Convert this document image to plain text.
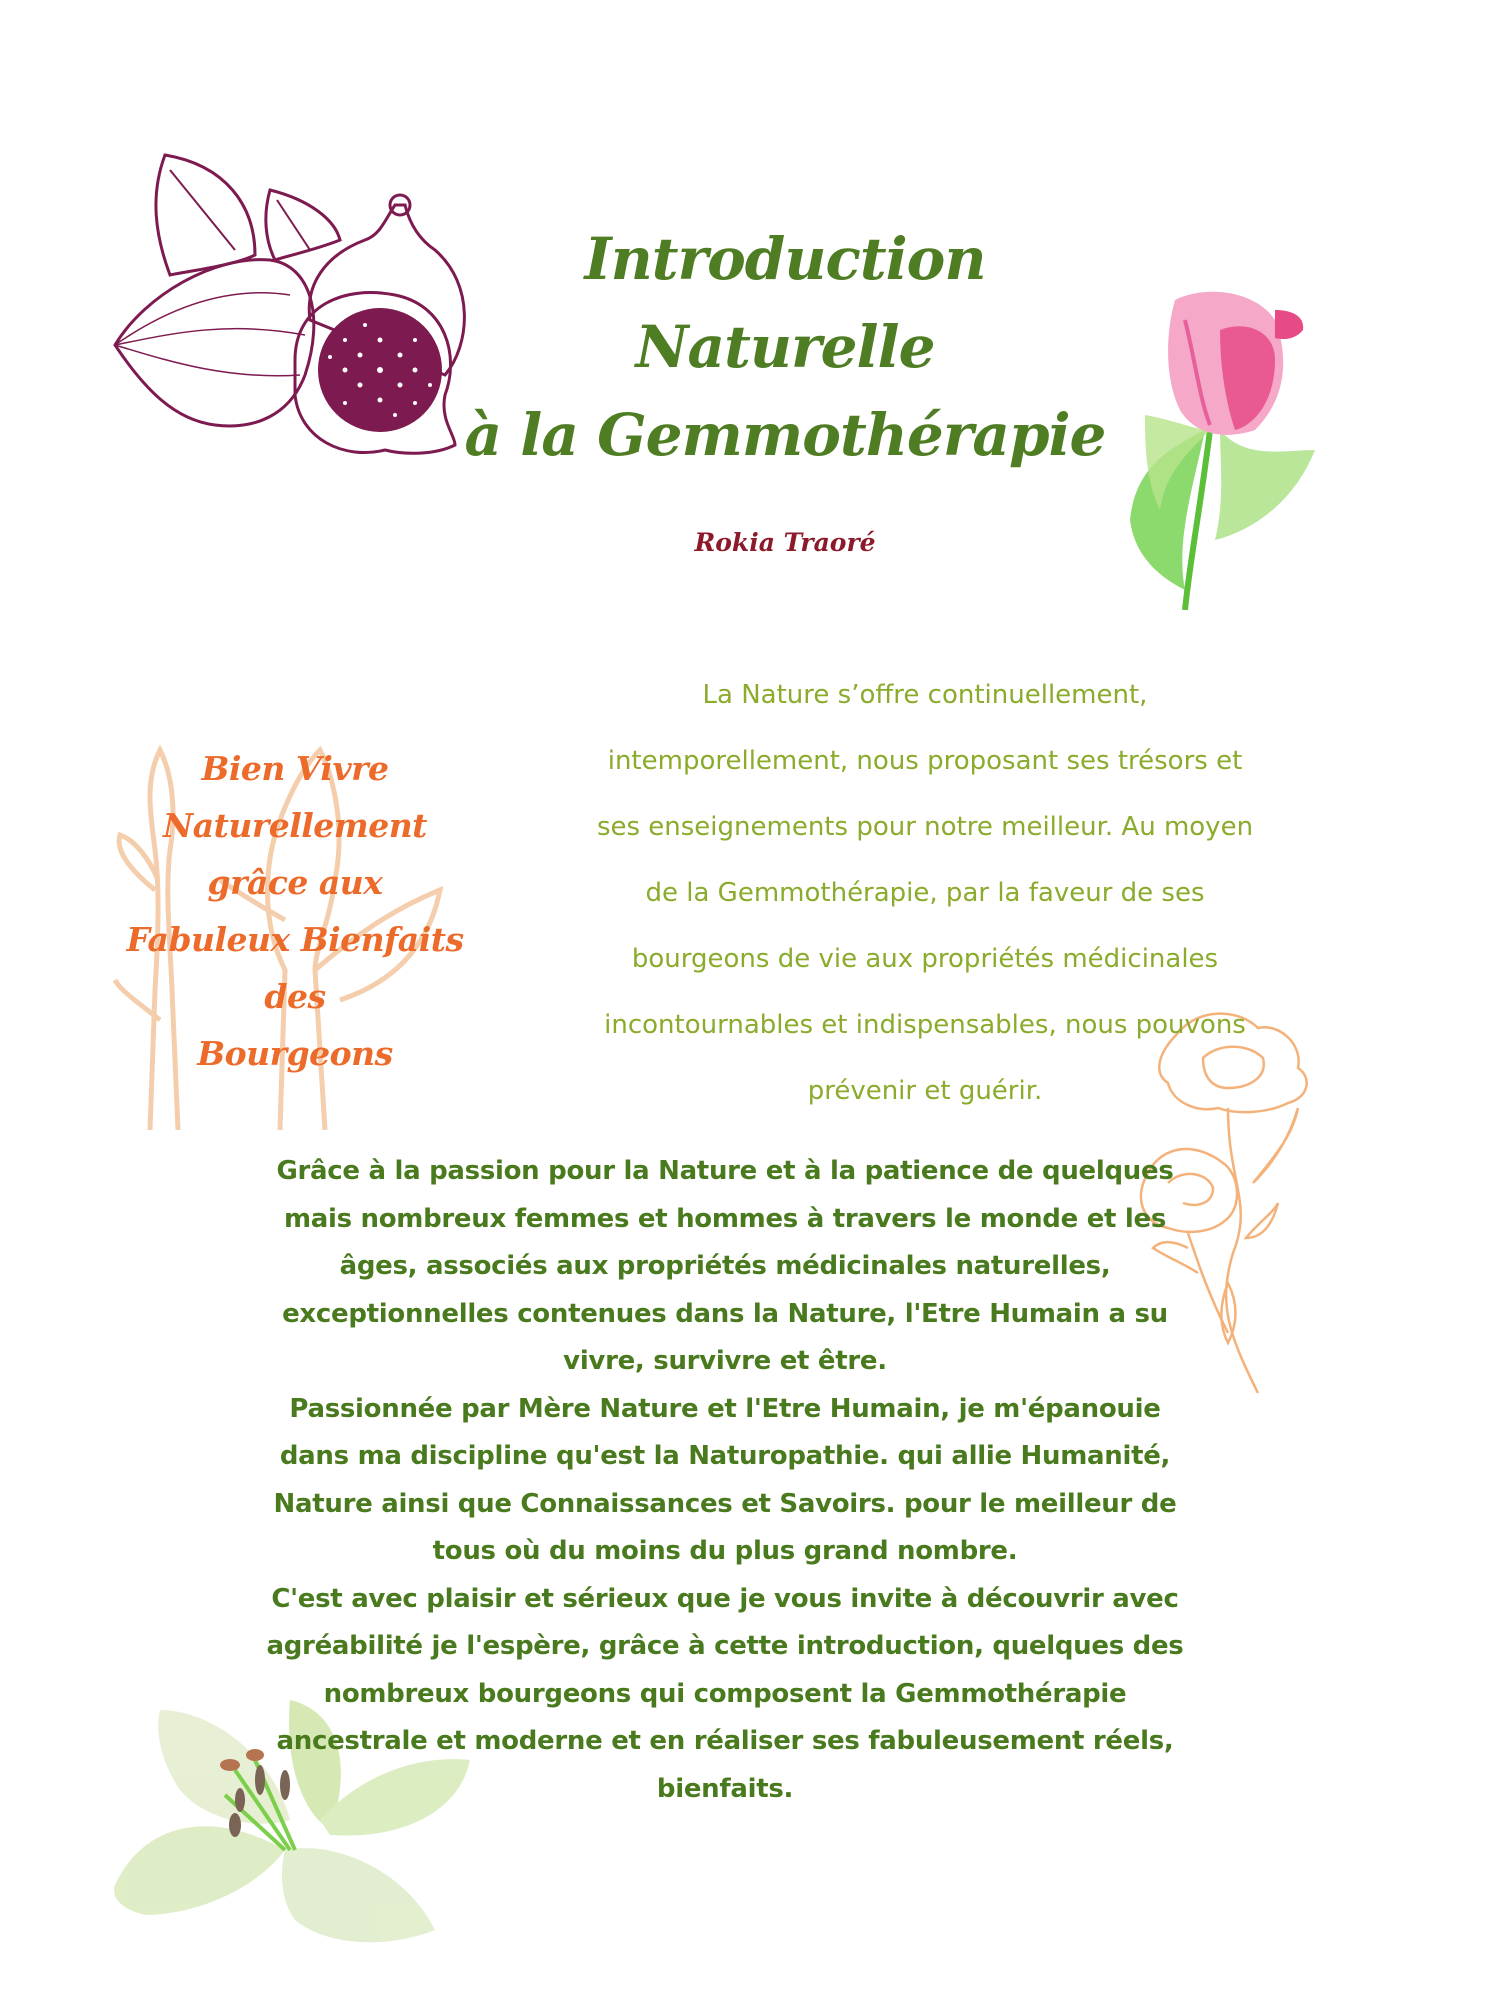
Introduction
Naturelle
à la Gemmothérapie
Rokia Traoré
Bien Vivre
Naturellement
grâce aux
Fabuleux Bienfaits
des
Bourgeons
La Nature s’offre continuellement,
intemporellement, nous proposant ses trésors et
ses enseignements pour notre meilleur. Au moyen
de la Gemmothérapie, par la faveur de ses
bourgeons de vie aux propriétés médicinales
incontournables et indispensables, nous pouvons
prévenir et guérir.
Grâce à la passion pour la Nature et à la patience de quelques
mais nombreux femmes et hommes à travers le monde et les
âges, associés aux propriétés médicinales naturelles,
exceptionnelles contenues dans la Nature, l'Etre Humain a su
vivre, survivre et être.
Passionnée par Mère Nature et l'Etre Humain, je m'épanouie
dans ma discipline qu'est la Naturopathie. qui allie Humanité,
Nature ainsi que Connaissances et Savoirs. pour le meilleur de
tous où du moins du plus grand nombre.
C'est avec plaisir et sérieux que je vous invite à découvrir avec
agréabilité je l'espère, grâce à cette introduction, quelques des
nombreux bourgeons qui composent la Gemmothérapie
ancestrale et moderne et en réaliser ses fabuleusement réels,
bienfaits.
